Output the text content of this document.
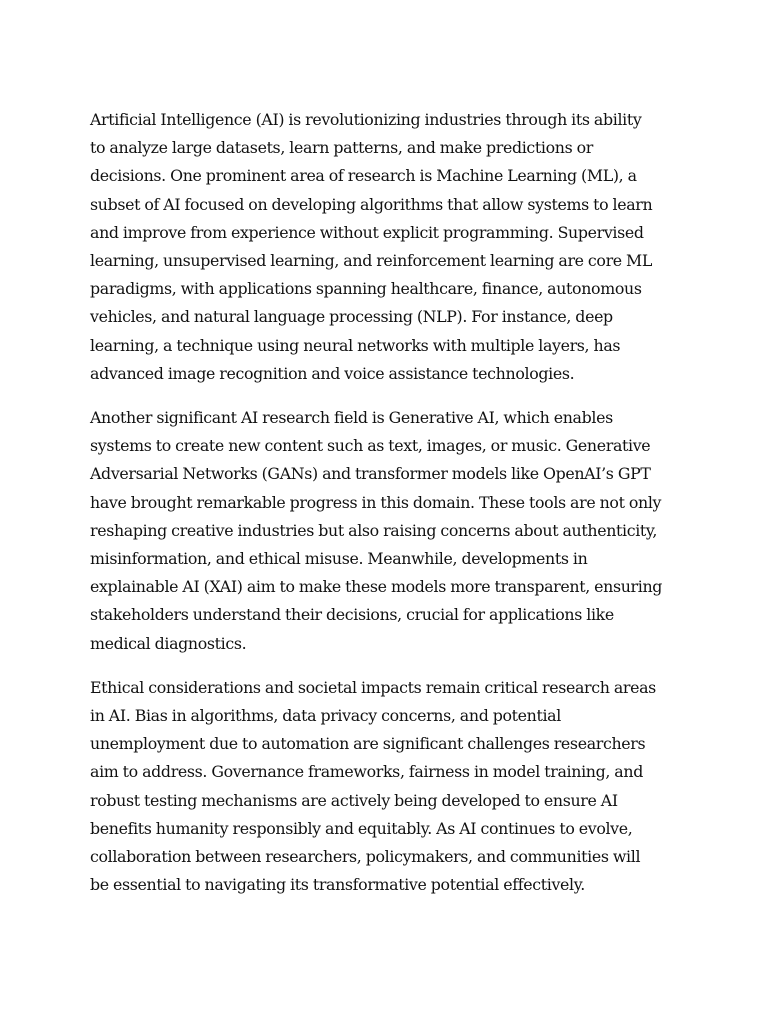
Artificial Intelligence (AI) is revolutionizing industries through its ability
to analyze large datasets, learn patterns, and make predictions or
decisions. One prominent area of research is Machine Learning (ML), a
subset of AI focused on developing algorithms that allow systems to learn
and improve from experience without explicit programming. Supervised
learning, unsupervised learning, and reinforcement learning are core ML
paradigms, with applications spanning healthcare, finance, autonomous
vehicles, and natural language processing (NLP). For instance, deep
learning, a technique using neural networks with multiple layers, has
advanced image recognition and voice assistance technologies.

Another significant AI research field is Generative AI, which enables
systems to create new content such as text, images, or music. Generative
Adversarial Networks (GANs) and transformer models like OpenAI’s GPT
have brought remarkable progress in this domain. These tools are not only
reshaping creative industries but also raising concerns about authenticity,
misinformation, and ethical misuse. Meanwhile, developments in
explainable AI (XAI) aim to make these models more transparent, ensuring
stakeholders understand their decisions, crucial for applications like
medical diagnostics.

Ethical considerations and societal impacts remain critical research areas
in AI. Bias in algorithms, data privacy concerns, and potential
unemployment due to automation are significant challenges researchers
aim to address. Governance frameworks, fairness in model training, and
robust testing mechanisms are actively being developed to ensure AI
benefits humanity responsibly and equitably. As AI continues to evolve,
collaboration between researchers, policymakers, and communities will
be essential to navigating its transformative potential effectively.
